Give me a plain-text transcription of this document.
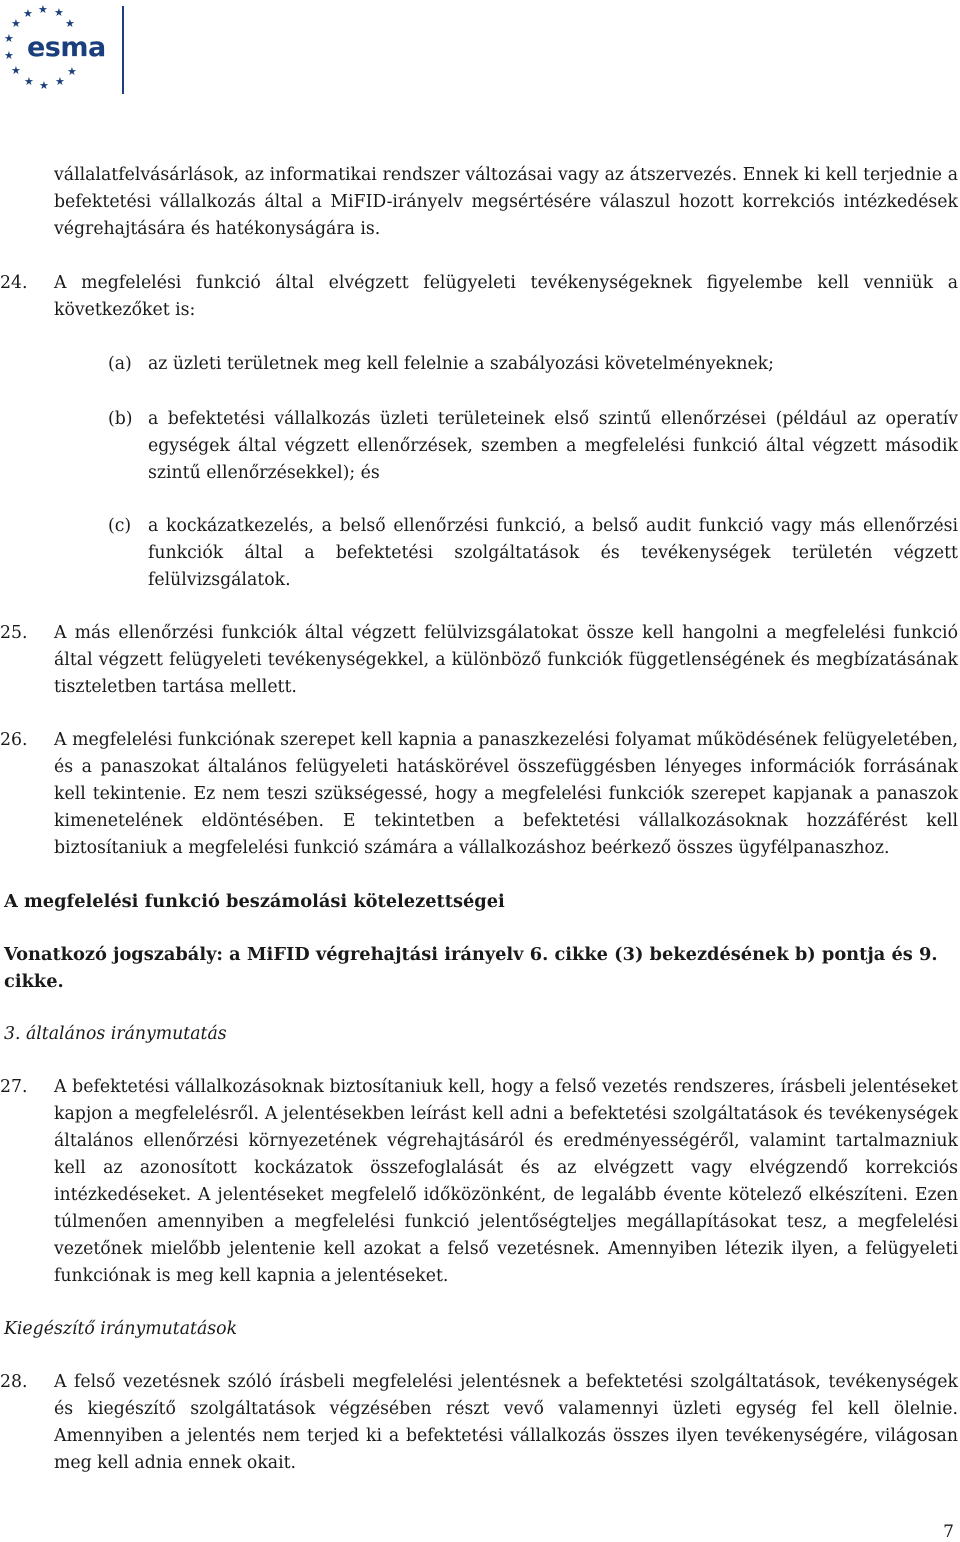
★ ★
★
★
★
★
★
★
★ ★ ★
★
esma
vállalatfelvásárlások, az informatikai rendszer változásai vagy az átszervezés. Ennek ki kell terjednie a befektetési vállalkozás által a MiFID-irányelv megsértésére válaszul hozott korrekciós intézkedések végrehajtására és hatékonyságára is.
24. A megfelelési funkció által elvégzett felügyeleti tevékenységeknek figyelembe kell venniük a következőket is:
(a) az üzleti területnek meg kell felelnie a szabályozási követelményeknek;
(b) a befektetési vállalkozás üzleti területeinek első szintű ellenőrzései (például az operatív egységek által végzett ellenőrzések, szemben a megfelelési funkció által végzett második szintű ellenőrzésekkel); és
(c) a kockázatkezelés, a belső ellenőrzési funkció, a belső audit funkció vagy más ellenőrzési funkciók által a befektetési szolgáltatások és tevékenységek területén végzett felülvizsgálatok.
25. A más ellenőrzési funkciók által végzett felülvizsgálatokat össze kell hangolni a megfelelési funkció által végzett felügyeleti tevékenységekkel, a különböző funkciók függetlenségének és megbízatásának tiszteletben tartása mellett.
26. A megfelelési funkciónak szerepet kell kapnia a panaszkezelési folyamat működésének felügyeletében, és a panaszokat általános felügyeleti hatáskörével összefüggésben lényeges információk forrásának kell tekintenie. Ez nem teszi szükségessé, hogy a megfelelési funkciók szerepet kapjanak a panaszok kimenetelének eldöntésében. E tekintetben a befektetési vállalkozásoknak hozzáférést kell biztosítaniuk a megfelelési funkció számára a vállalkozáshoz beérkező összes ügyfélpanaszhoz.
A megfelelési funkció beszámolási kötelezettségei
Vonatkozó jogszabály: a MiFID végrehajtási irányelv 6. cikke (3) bekezdésének b) pontja és 9. cikke.
3. általános iránymutatás
27. A befektetési vállalkozásoknak biztosítaniuk kell, hogy a felső vezetés rendszeres, írásbeli jelentéseket kapjon a megfelelésről. A jelentésekben leírást kell adni a befektetési szolgáltatások és tevékenységek általános ellenőrzési környezetének végrehajtásáról és eredményességéről, valamint tartalmazniuk kell az azonosított kockázatok összefoglalását és az elvégzett vagy elvégzendő korrekciós intézkedéseket. A jelentéseket megfelelő időközönként, de legalább évente kötelező elkészíteni. Ezen túlmenően amennyiben a megfelelési funkció jelentőségteljes megállapításokat tesz, a megfelelési vezetőnek mielőbb jelentenie kell azokat a felső vezetésnek. Amennyiben létezik ilyen, a felügyeleti funkciónak is meg kell kapnia a jelentéseket.
Kiegészítő iránymutatások
28. A felső vezetésnek szóló írásbeli megfelelési jelentésnek a befektetési szolgáltatások, tevékenységek és kiegészítő szolgáltatások végzésében részt vevő valamennyi üzleti egység fel kell ölelnie. Amennyiben a jelentés nem terjed ki a befektetési vállalkozás összes ilyen tevékenységére, világosan meg kell adnia ennek okait.
7
